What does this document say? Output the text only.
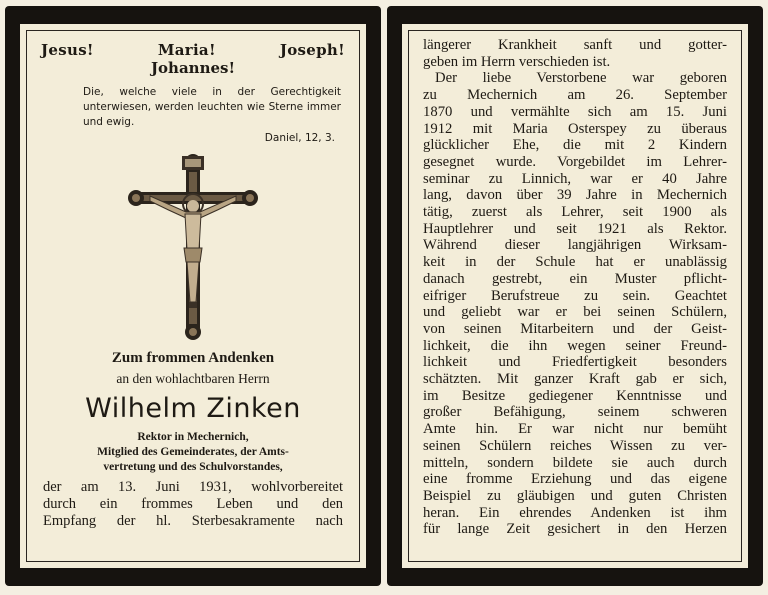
Jesus!	Maria!	Joseph!
Johannes!
Die, welche viele in der Gerechtigkeit unterwiesen, werden leuchten wie Sterne immer und ewig.
Daniel, 12, 3.
Zum frommen Andenken
an den wohlachtbaren Herrn
Wilhelm Zinken
Rektor in Mechernich,
Mitglied des Gemeinderates, der Amts-
vertretung und des Schulvorstandes,
der am 13. Juni 1931, wohlvorbereitet
durch ein frommes Leben und den
Empfang der hl. Sterbesakramente nach
längerer Krankheit sanft und gotter-
geben im Herrn verschieden ist.
Der liebe Verstorbene war geboren
zu Mechernich am 26. September
1870 und vermählte sich am 15. Juni
1912 mit Maria Osterspey zu überaus
glücklicher Ehe, die mit 2 Kindern
gesegnet wurde. Vorgebildet im Lehrer-
seminar zu Linnich, war er 40 Jahre
lang, davon über 39 Jahre in Mechernich
tätig, zuerst als Lehrer, seit 1900 als
Hauptlehrer und seit 1921 als Rektor.
Während dieser langjährigen Wirksam-
keit in der Schule hat er unablässig
danach gestrebt, ein Muster pflicht-
eifriger Berufstreue zu sein. Geachtet
und geliebt war er bei seinen Schülern,
von seinen Mitarbeitern und der Geist-
lichkeit, die ihn wegen seiner Freund-
lichkeit und Friedfertigkeit besonders
schätzten. Mit ganzer Kraft gab er sich,
im Besitze gediegener Kenntnisse und
großer Befähigung, seinem schweren
Amte hin. Er war nicht nur bemüht
seinen Schülern reiches Wissen zu ver-
mitteln, sondern bildete sie auch durch
eine fromme Erziehung und das eigene
Beispiel zu gläubigen und guten Christen
heran. Ein ehrendes Andenken ist ihm
für lange Zeit gesichert in den Herzen
